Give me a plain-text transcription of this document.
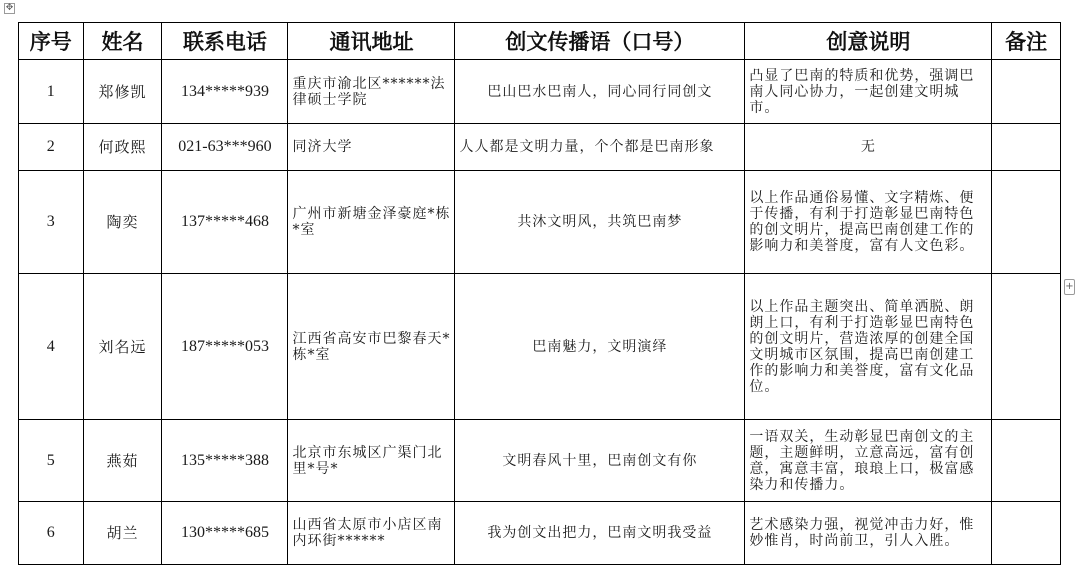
✥
+
序号	姓名	联系电话	通讯地址	创文传播语（口号）	创意说明	备注
1	郑修凯	134*****939	重庆市渝北区******法律硕士学院	巴山巴水巴南人，同心同行同创文	凸显了巴南的特质和优势，强调巴南人同心协力，一起创建文明城市。	
2	何政熙	021-63***960	同济大学	人人都是文明力量，个个都是巴南形象	无	
3	陶奕	137*****468	广州市新塘金泽豪庭*栋*室	共沐文明风，共筑巴南梦	以上作品通俗易懂、文字精炼、便于传播，有利于打造彰显巴南特色的创文明片，提高巴南创建工作的影响力和美誉度，富有人文色彩。	
4	刘名远	187*****053	江西省高安市巴黎春天*栋*室	巴南魅力，文明演绎	以上作品主题突出、简单洒脱、朗朗上口，有利于打造彰显巴南特色的创文明片，营造浓厚的创建全国文明城市区氛围，提高巴南创建工作的影响力和美誉度，富有文化品位。	
5	燕茹	135*****388	北京市东城区广渠门北里*号*	文明春风十里，巴南创文有你	一语双关，生动彰显巴南创文的主题，主题鲜明，立意高远，富有创意，寓意丰富，琅琅上口，极富感染力和传播力。	
6	胡兰	130*****685	山西省太原市小店区南内环街******	我为创文出把力，巴南文明我受益	艺术感染力强，视觉冲击力好，惟妙惟肖，时尚前卫，引人入胜。	
